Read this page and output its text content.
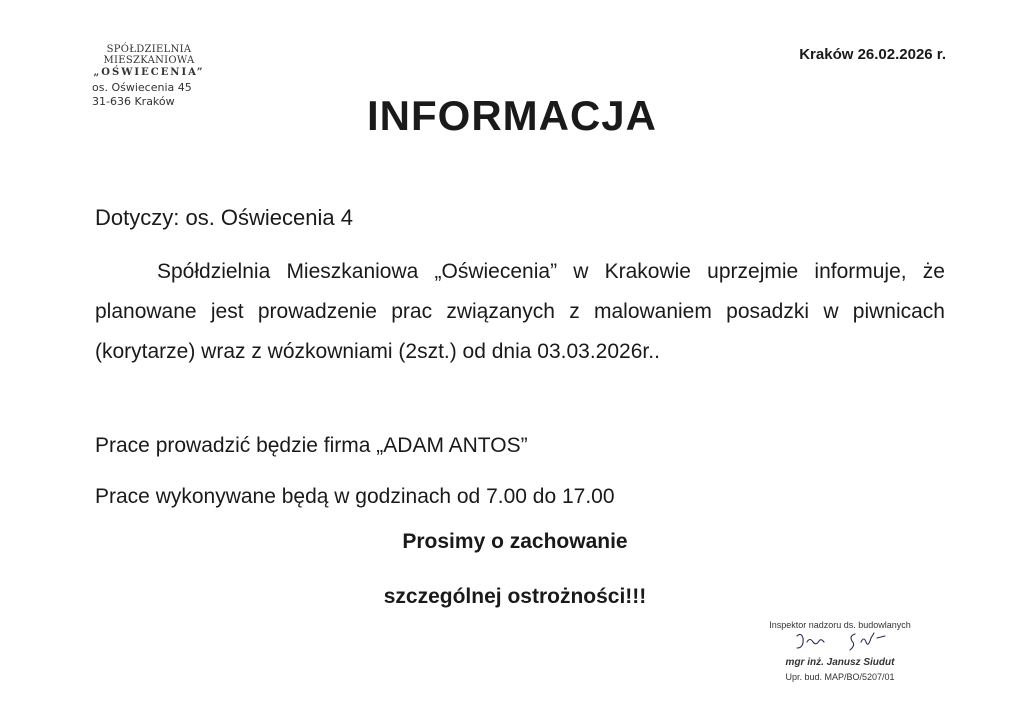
SPÓŁDZIELNIA MIESZKANIOWA
„OŚWIECENIA”
os. Oświecenia 45
31-636 Kraków
Kraków 26.02.2026 r.
INFORMACJA
Dotyczy: os. Oświecenia 4
Spółdzielnia Mieszkaniowa „Oświecenia” w Krakowie uprzejmie informuje, że planowane jest prowadzenie prac związanych z malowaniem posadzki w piwnicach (korytarze) wraz z wózkowniami (2szt.) od dnia 03.03.2026r..
Prace prowadzić będzie firma „ADAM ANTOS”
Prace wykonywane będą w godzinach od 7.00 do 17.00
Prosimy o zachowanie
szczególnej ostrożności!!!
Inspektor nadzoru ds. budowlanych
mgr inż. Janusz Siudut
Upr. bud. MAP/BO/5207/01
